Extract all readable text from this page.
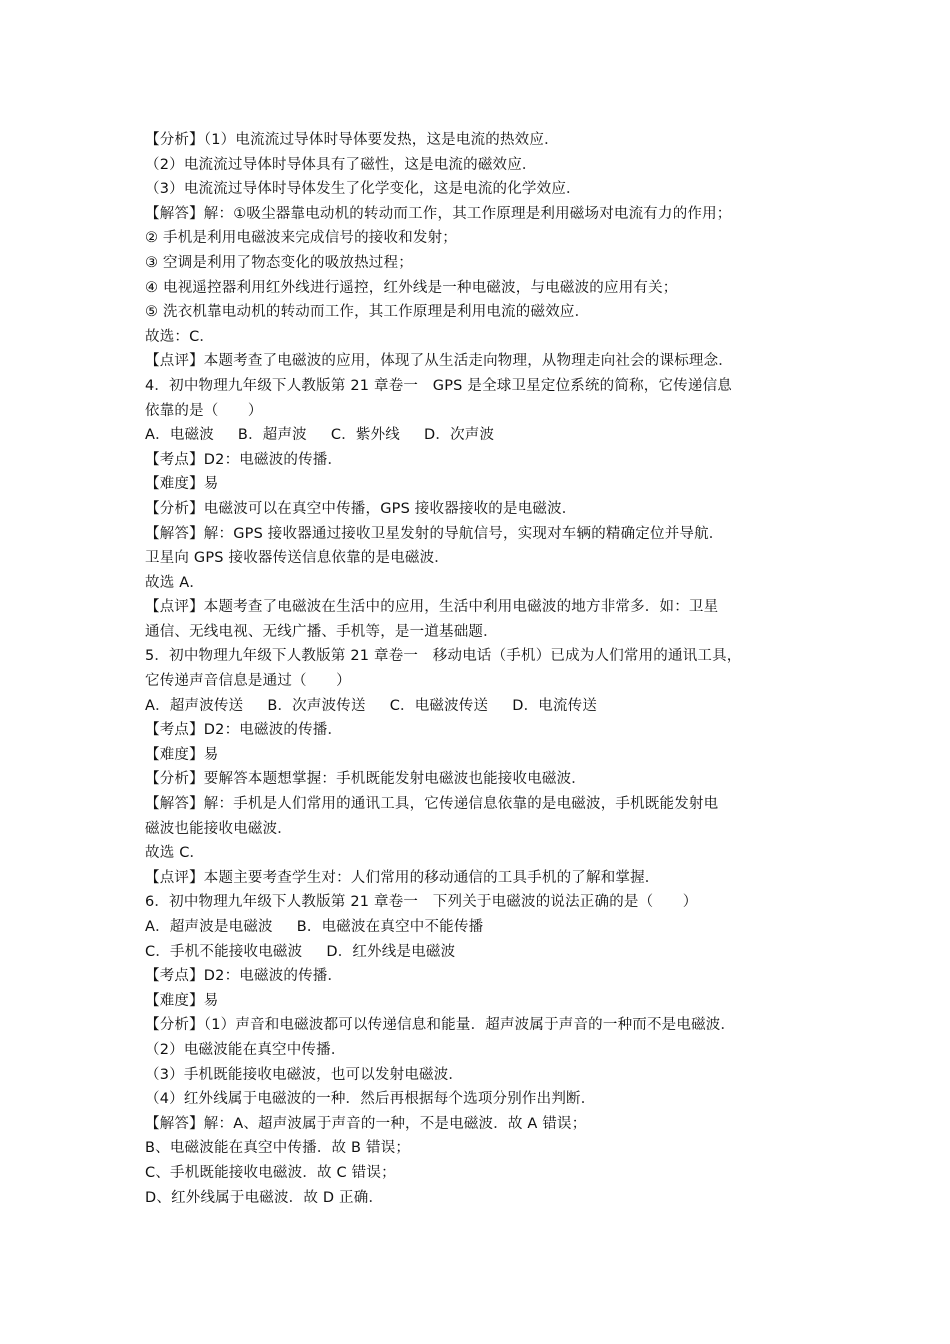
【分析】（1）电流流过导体时导体要发热，这是电流的热效应．
（2）电流流过导体时导体具有了磁性，这是电流的磁效应．
（3）电流流过导体时导体发生了化学变化，这是电流的化学效应．
【解答】解：①吸尘器靠电动机的转动而工作，其工作原理是利用磁场对电流有力的作用；
② 手机是利用电磁波来完成信号的接收和发射；
③ 空调是利用了物态变化的吸放热过程；
④ 电视遥控器利用红外线进行遥控，红外线是一种电磁波，与电磁波的应用有关；
⑤ 洗衣机靠电动机的转动而工作，其工作原理是利用电流的磁效应．
故选：C．
【点评】本题考查了电磁波的应用，体现了从生活走向物理，从物理走向社会的课标理念．
4．初中物理九年级下人教版第 21 章卷一　GPS 是全球卫星定位系统的简称，它传递信息
依靠的是（　　）
A．电磁波 B．超声波 C．紫外线 D．次声波
【考点】D2：电磁波的传播．
【难度】易
【分析】电磁波可以在真空中传播，GPS 接收器接收的是电磁波．
【解答】解：GPS 接收器通过接收卫星发射的导航信号，实现对车辆的精确定位并导航．
卫星向 GPS 接收器传送信息依靠的是电磁波．
故选 A．
【点评】本题考查了电磁波在生活中的应用，生活中利用电磁波的地方非常多．如：卫星
通信、无线电视、无线广播、手机等，是一道基础题．
5．初中物理九年级下人教版第 21 章卷一　移动电话（手机）已成为人们常用的通讯工具，
它传递声音信息是通过（　　）
A．超声波传送 B．次声波传送 C．电磁波传送 D．电流传送
【考点】D2：电磁波的传播．
【难度】易
【分析】要解答本题想掌握：手机既能发射电磁波也能接收电磁波．
【解答】解：手机是人们常用的通讯工具，它传递信息依靠的是电磁波，手机既能发射电
磁波也能接收电磁波．
故选 C．
【点评】本题主要考查学生对：人们常用的移动通信的工具手机的了解和掌握．
6．初中物理九年级下人教版第 21 章卷一　下列关于电磁波的说法正确的是（　　）
A．超声波是电磁波 B．电磁波在真空中不能传播
C．手机不能接收电磁波 D．红外线是电磁波
【考点】D2：电磁波的传播．
【难度】易
【分析】（1）声音和电磁波都可以传递信息和能量．超声波属于声音的一种而不是电磁波．
（2）电磁波能在真空中传播．
（3）手机既能接收电磁波，也可以发射电磁波．
（4）红外线属于电磁波的一种．然后再根据每个选项分别作出判断．
【解答】解：A、超声波属于声音的一种，不是电磁波．故 A 错误；
B、电磁波能在真空中传播．故 B 错误；
C、手机既能接收电磁波．故 C 错误；
D、红外线属于电磁波．故 D 正确．
